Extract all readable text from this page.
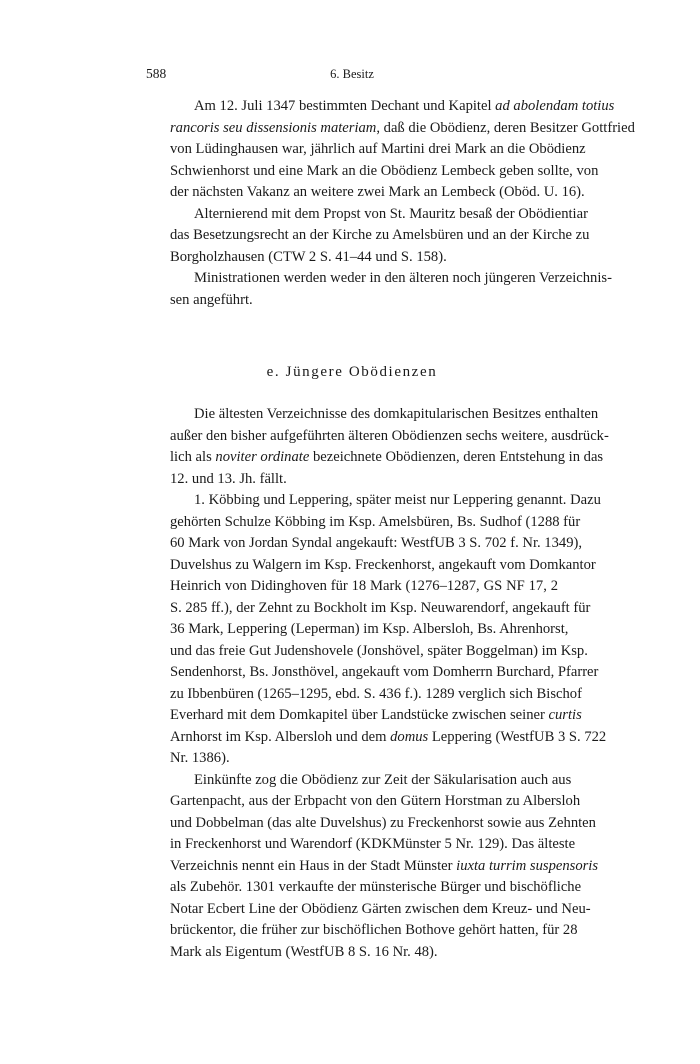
588	6. Besitz

Am 12. Juli 1347 bestimmten Dechant und Kapitel ad abolendam totius
rancoris seu dissensionis materiam, daß die Obödienz, deren Besitzer Gottfried
von Lüdinghausen war, jährlich auf Martini drei Mark an die Obödienz
Schwienhorst und eine Mark an die Obödienz Lembeck geben sollte, von
der nächsten Vakanz an weitere zwei Mark an Lembeck (Oböd. U. 16).

Alternierend mit dem Propst von St. Mauritz besaß der Obödientiar
das Besetzungsrecht an der Kirche zu Amelsbüren und an der Kirche zu
Borgholzhausen (CTW 2 S. 41–44 und S. 158).

Ministrationen werden weder in den älteren noch jüngeren Verzeichnis-
sen angeführt.

e. Jüngere Obödienzen

Die ältesten Verzeichnisse des domkapitularischen Besitzes enthalten
außer den bisher aufgeführten älteren Obödienzen sechs weitere, ausdrück-
lich als noviter ordinate bezeichnete Obödienzen, deren Entstehung in das
12. und 13. Jh. fällt.

1. Köbbing und Leppering, später meist nur Leppering genannt. Dazu
gehörten Schulze Köbbing im Ksp. Amelsbüren, Bs. Sudhof (1288 für
60 Mark von Jordan Syndal angekauft: WestfUB 3 S. 702 f. Nr. 1349),
Duvelshus zu Walgern im Ksp. Freckenhorst, angekauft vom Domkantor
Heinrich von Didinghoven für 18 Mark (1276–1287, GS NF 17, 2
S. 285 ff.), der Zehnt zu Bockholt im Ksp. Neuwarendorf, angekauft für
36 Mark, Leppering (Leperman) im Ksp. Albersloh, Bs. Ahrenhorst,
und das freie Gut Judenshovele (Jonshövel, später Boggelman) im Ksp.
Sendenhorst, Bs. Jonsthövel, angekauft vom Domherrn Burchard, Pfarrer
zu Ibbenbüren (1265–1295, ebd. S. 436 f.). 1289 verglich sich Bischof
Everhard mit dem Domkapitel über Landstücke zwischen seiner curtis
Arnhorst im Ksp. Albersloh und dem domus Leppering (WestfUB 3 S. 722
Nr. 1386).

Einkünfte zog die Obödienz zur Zeit der Säkularisation auch aus
Gartenpacht, aus der Erbpacht von den Gütern Horstman zu Albersloh
und Dobbelman (das alte Duvelshus) zu Freckenhorst sowie aus Zehnten
in Freckenhorst und Warendorf (KDKMünster 5 Nr. 129). Das älteste
Verzeichnis nennt ein Haus in der Stadt Münster iuxta turrim suspensoris
als Zubehör. 1301 verkaufte der münsterische Bürger und bischöfliche
Notar Ecbert Line der Obödienz Gärten zwischen dem Kreuz- und Neu-
brückentor, die früher zur bischöflichen Bothove gehört hatten, für 28
Mark als Eigentum (WestfUB 8 S. 16 Nr. 48).
